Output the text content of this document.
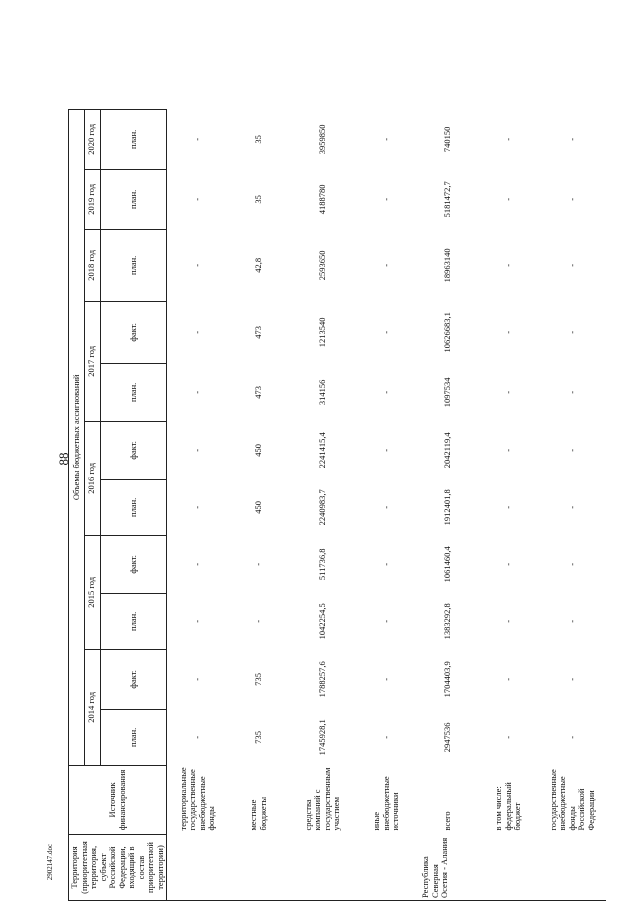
88
2902147.doc Территория (приоритетная территория, субъект Российской Федерации, входящий в состав приоритетной территории)	Источник финансирования	Объемы бюджетных ассигнований										
		2014 год		2015 год		2016 год		2017 год		2018 год	2019 год	2020 год
		план.	факт.	план.	факт.	план.	факт.	план.	факт.	план.	план.	план.
	территориальные государственные внебюджетные фонды	-	-	-	-	-	-	-	-	-	-	-
	местные бюджеты	735	735	-	-	450	450	473	473	42,8	35	35
	средства компаний с государственным участием	1745928,1	1788257,6	1042254,5	511736,8	2240983,7	2241415,4	314156	1213540	2593650	4188780	3959850
	иные внебюджетные источники	-	-	-	-	-	-	-	-	-	-	-
Республика Северная Осетия - Алания	всего	2947536	1704403,9	1383292,8	1061460,4	1912401,8	2042119,4	1097534	10626683,1	18963140	5181472,7	740150
	в том числе: федеральный бюджет	-	-	-	-	-	-	-	-	-	-	-
	государственные внебюджетные фонды Российской Федерации	-	-	-	-	-	-	-	-	-	-	-
